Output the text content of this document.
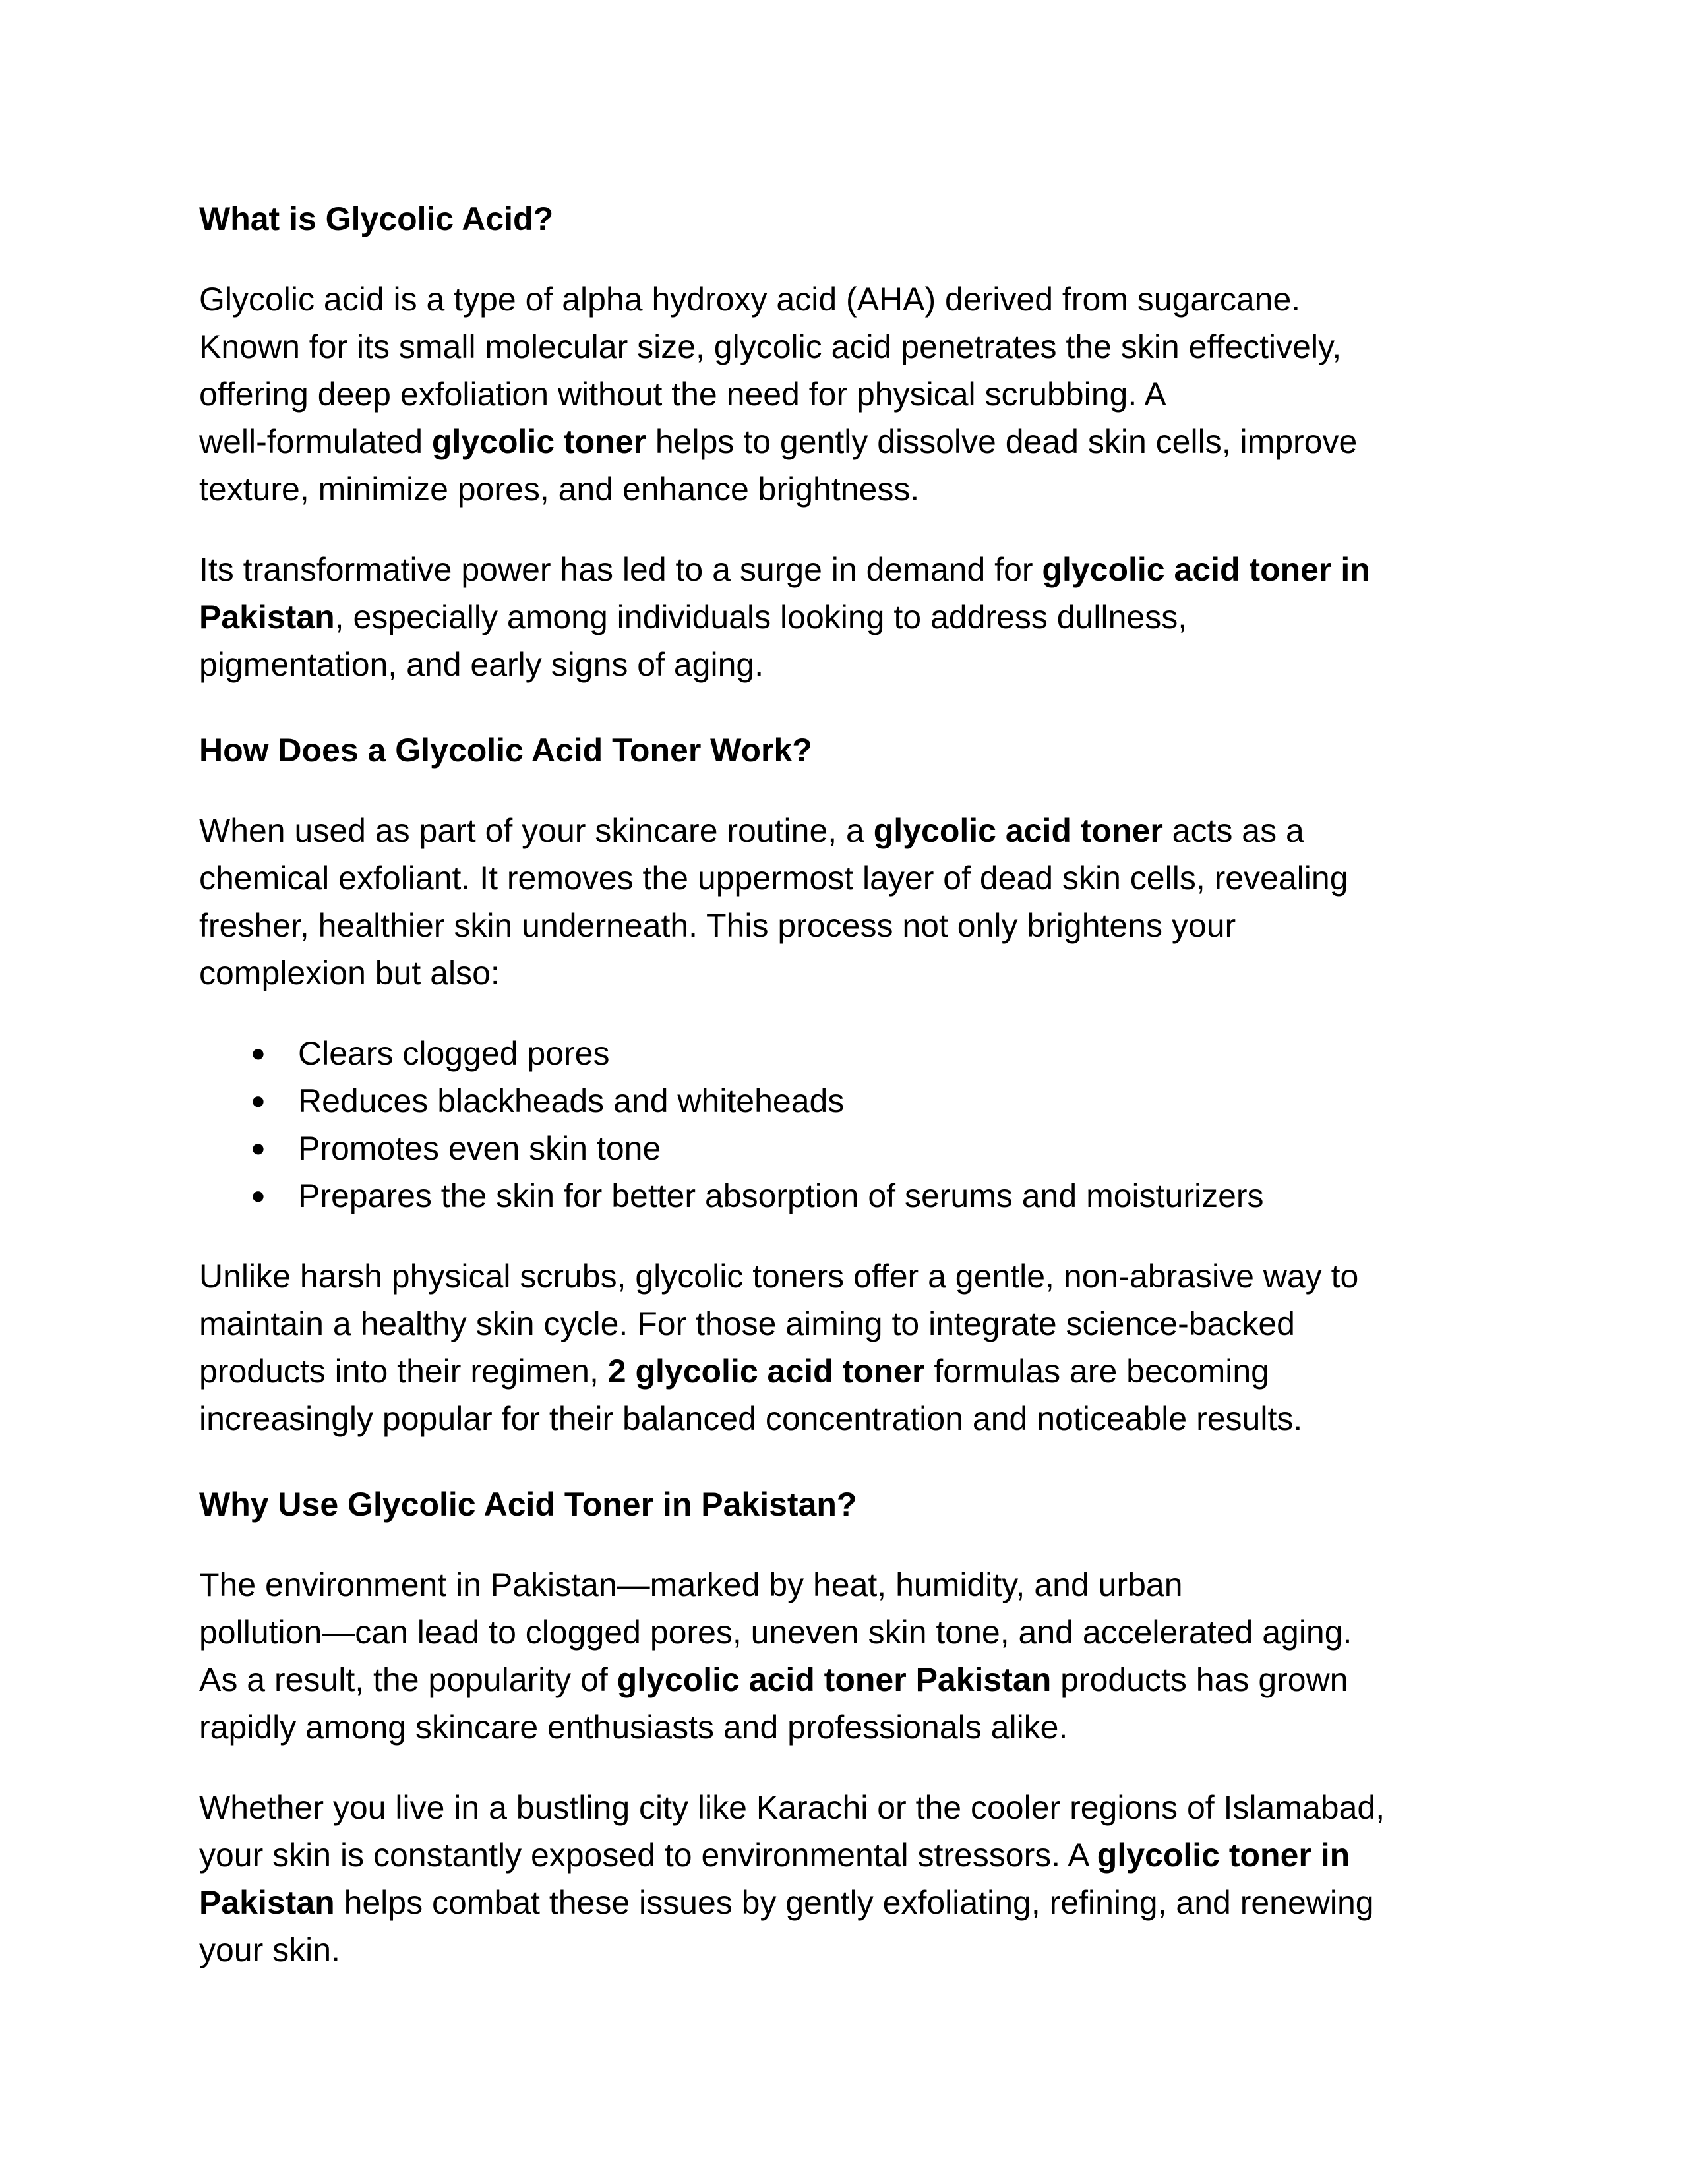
What is Glycolic Acid?

Glycolic acid is a type of alpha hydroxy acid (AHA) derived from sugarcane.
Known for its small molecular size, glycolic acid penetrates the skin effectively,
offering deep exfoliation without the need for physical scrubbing. A
well-formulated glycolic toner helps to gently dissolve dead skin cells, improve
texture, minimize pores, and enhance brightness.

Its transformative power has led to a surge in demand for glycolic acid toner in
Pakistan, especially among individuals looking to address dullness,
pigmentation, and early signs of aging.

How Does a Glycolic Acid Toner Work?

When used as part of your skincare routine, a glycolic acid toner acts as a
chemical exfoliant. It removes the uppermost layer of dead skin cells, revealing
fresher, healthier skin underneath. This process not only brightens your
complexion but also:

● Clears clogged pores
● Reduces blackheads and whiteheads
● Promotes even skin tone
● Prepares the skin for better absorption of serums and moisturizers

Unlike harsh physical scrubs, glycolic toners offer a gentle, non-abrasive way to
maintain a healthy skin cycle. For those aiming to integrate science-backed
products into their regimen, 2 glycolic acid toner formulas are becoming
increasingly popular for their balanced concentration and noticeable results.

Why Use Glycolic Acid Toner in Pakistan?

The environment in Pakistan—marked by heat, humidity, and urban
pollution—can lead to clogged pores, uneven skin tone, and accelerated aging.
As a result, the popularity of glycolic acid toner Pakistan products has grown
rapidly among skincare enthusiasts and professionals alike.

Whether you live in a bustling city like Karachi or the cooler regions of Islamabad,
your skin is constantly exposed to environmental stressors. A glycolic toner in
Pakistan helps combat these issues by gently exfoliating, refining, and renewing
your skin.
